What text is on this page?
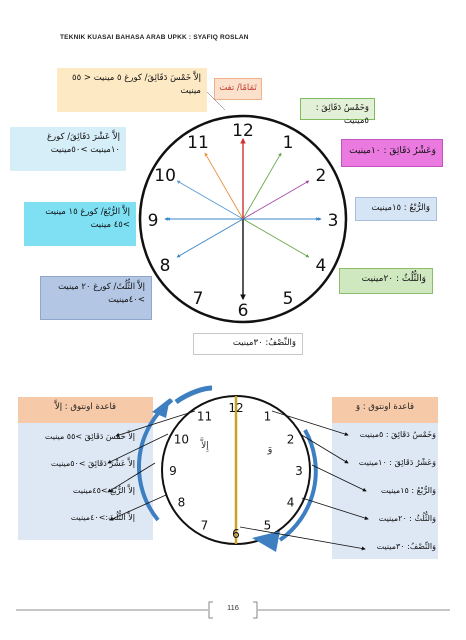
TEKNIK KUASAI BAHASA ARAB UPKK : SYAFIQ ROSLAN
إلاَّ خَمْسَ دَقَائِقَ/ كورغ ٥ مينيت < ٥٥ مينيت	تَمَامًا/ تفت
وَخَمْسُ دَقَائِقَ : ٥مينيت
إلاَّ عَشْرَ دَقَائِقَ/ كورغ ١٠مينيت >٥٠مينيت	وَعَشْرُ دَقَائِقَ : ١٠مينيت
إلاَّ الرُّبْعَ/ كورغ ١٥ مينيت >٤٥ مينيت
وَالرُّبْعُ : ١٥مينيت
إلاَّ الثُّلُثَ/ كورغ ٢٠ مينيت >٤٠مينيت
وَالثُّلُثُ : ٢٠مينيت
وَالنِّصْفُ: ٣٠مينيت
قاعدة اونتوق : إلاَّ	قاعدة اونتوق : وَ
إلاَّ خَمْسَ دَقَائِقَ >٥٥ مينيت
إلاَّ عَشْرَ دَقَائِقَ >٥٠مينيت
إلاَّ الرُّبْعَ >٤٥مينيت
إلاَّ الثُّلُثَ:>٤٠مينيت
وَخَمْسُ دَقَائِقَ : ٥مينيت
وَعَشْرُ دَقَائِقَ : ١٠مينيت
وَالرُّبْعُ : ١٥مينيت
وَالثُّلُثُ : ٢٠مينيت
وَالنِّصْفُ: ٣٠مينيت
12
1
2
3
4
5
6
7
8
9
10
11
12
1
2
3
4
5
6
7
8
9
10
11
إِلاَّ	وَ
116
